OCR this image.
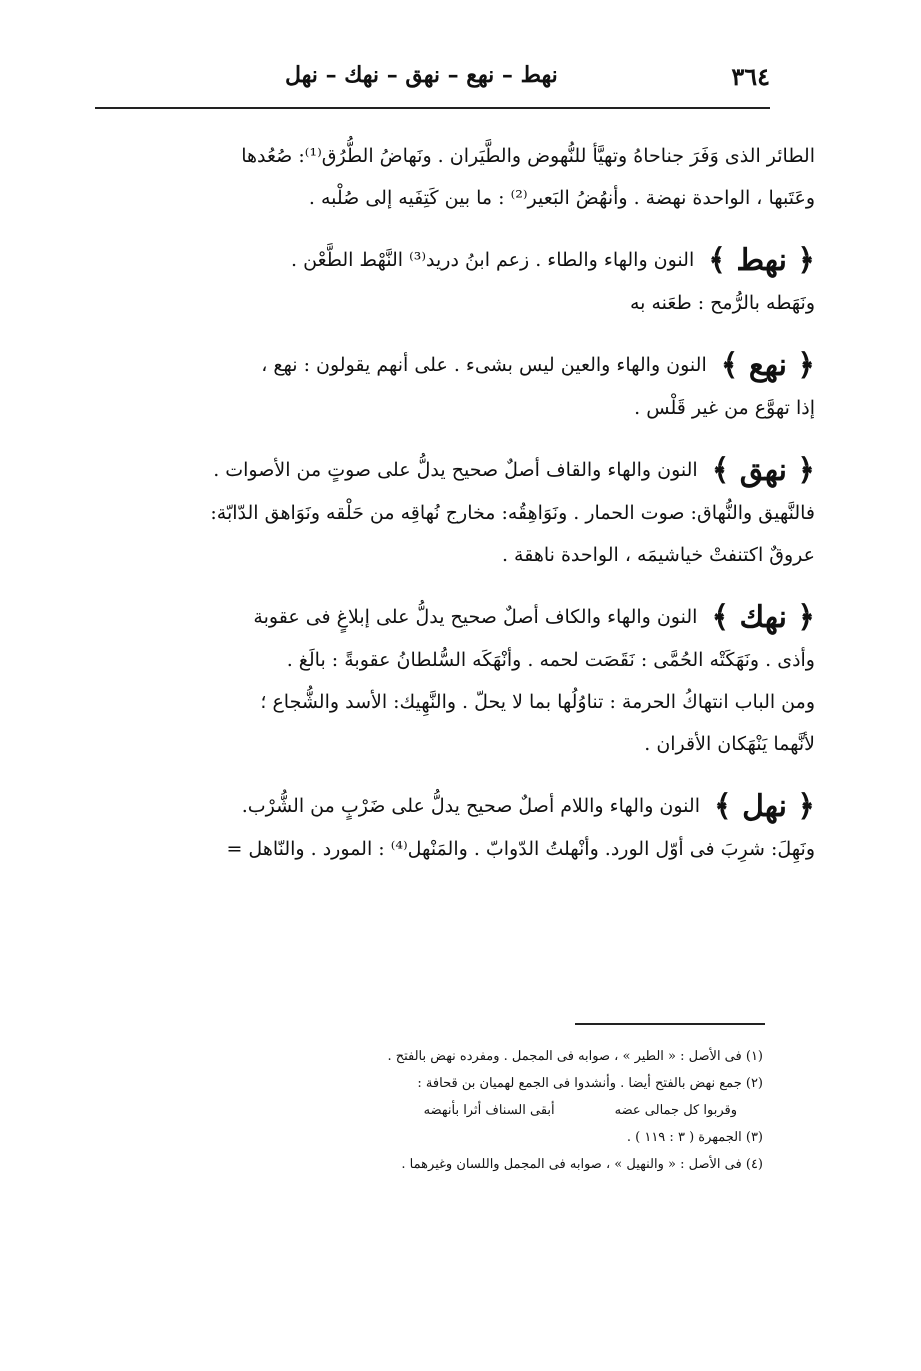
٣٦٤
نهط – نهع – نهق – نهك – نهل

الطائر الذى وَفَرَ جناحاهُ وتهيَّأ للنُّهوض والطَّيَران . ونَهاضُ الطُّرُق⁽¹⁾: صُعُدها

وعَتَبها ، الواحدة نهضة . وأنهُضُ البَعير⁽²⁾ : ما بين كَتِفَيه إلى صُلْبه .

﴿ نهط ﴾ النون والهاء والطاء . زعم ابنُ دريد⁽³⁾ النَّهْط الطَّعْن .

ونَهَطه بالرُّمح : طعَنه به

﴿ نهع ﴾ النون والهاء والعين ليس بشىء . على أنهم يقولون : نهع ،

إذا تهوَّع من غير قَلْس .

﴿ نهق ﴾ النون والهاء والقاف أصلٌ صحيح يدلُّ على صوتٍ من الأصوات .

فالنَّهيق والنُّهاق: صوت الحمار . ونَوَاهِقُه: مخارج نُهاقِه من حَلْقه ونَوَاهق الدّابّة:

عروقٌ اكتنفتْ خياشيمَه ، الواحدة ناهقة .

﴿ نهك ﴾ النون والهاء والكاف أصلٌ صحيح يدلُّ على إبلاغٍ فى عقوبة

وأذى . ونَهَكَتْه الحُمَّى : نَقَصَت لحمه . وأنْهَكَه السُّلطانُ عقوبةً : بالَغ .

ومن الباب انتهاكُ الحرمة : تناوُلُها بما لا يحلّ . والنَّهِيك: الأسد والشُّجاع ؛

لأنَّهما يَنْهَكان الأقران .

﴿ نهل ﴾ النون والهاء واللام أصلٌ صحيح يدلُّ على ضَرْبٍ من الشُّرْب.

ونَهِلَ: شرِبَ فى أوّل الورد. وأنْهلتُ الدّوابّ . والمَنْهل⁽⁴⁾ : المورد . والنّاهل =

(١) فى الأصل : « الطير » ، صوابه فى المجمل . ومفرده نهض بالفتح .

(٢) جمع نهض بالفتح أيضا . وأنشدوا فى الجمع لهميان بن قحافة :

وقربوا كل جمالى عضه
أبقى السناف أثرا بأنهضه

(٣) الجمهرة ( ٣ : ١١٩ ) .

(٤) فى الأصل : « والنهيل » ، صوابه فى المجمل واللسان وغيرهما .
